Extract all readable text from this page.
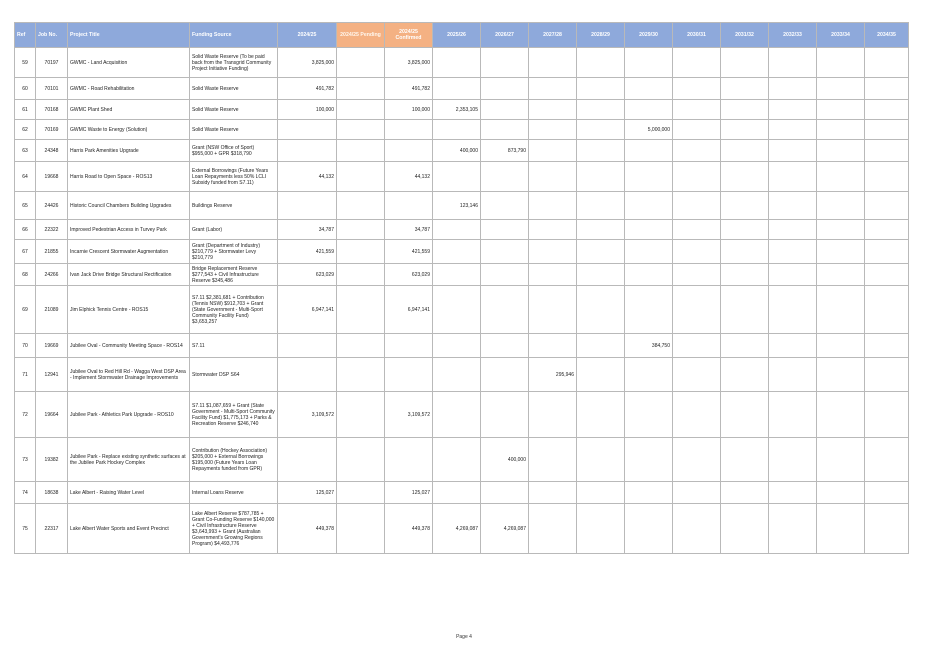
Ref	Job No.	Project Title	Funding Source	2024/25	2024/25 Pending	2024/25 Confirmed	2025/26	2026/27	2027/28	2028/29	2029/30	2030/31	2031/32	2032/33	2033/34	2034/35
59	70197	GWMC - Land Acquisition	Solid Waste Reserve (To be paid back from the Transgrid Community Project Initiative Funding)	3,825,000		3,825,000										
60	70101	GWMC - Road Rehabilitation	Solid Waste Reserve	491,782		491,782										
61	70168	GWMC Plant Shed	Solid Waste Reserve	100,000		100,000	2,353,105									
62	70169	GWMC Waste to Energy (Solution)	Solid Waste Reserve								5,000,000					
63	24348	Harris Park Amenities Upgrade	Grant (NSW Office of Sport) $955,000 + GPR $318,790				400,000	873,790								
64	19668	Harris Road to Open Space - ROS13	External Borrowings (Future Years Loan Repayments less 50% LCLI Subsidy funded from S7.11)	44,132		44,132										
65	24426	Historic Council Chambers Building Upgrades	Buildings Reserve				123,146									
66	22322	Improved Pedestrian Access in Turvey Park	Grant (Labor)	34,787		34,787										
67	21855	Incarnie Crescent Stormwater Augmentation	Grant (Department of Industry) $210,779 + Stormwater Levy $210,779	421,559		421,559										
68	24266	Ivan Jack Drive Bridge Structural Rectification	Bridge Replacement Reserve $277,543 + Civil Infrastructure Reserve $345,486	623,029		623,029										
69	21089	Jim Elphick Tennis Centre - ROS15	S7.11 $2,381,681 + Contribution (Tennis NSW) $912,703 + Grant (State Government - Multi-Sport Community Facility Fund) $3,653,257	6,947,141		6,947,141										
70	19669	Jubilee Oval - Community Meeting Space - ROS14	S7.11								384,750					
71	12941	Jubilee Oval to Red Hill Rd - Wagga West DSP Area - Implement Stormwater Drainage Improvements	Stormwater DSP S64						295,946							
72	19664	Jubilee Park - Athletics Park Upgrade - ROS10	S7.11 $1,087,659 + Grant (State Government - Multi-Sport Community Facility Fund) $1,775,173 + Parks & Recreation Reserve $246,740	3,109,572		3,109,572										
73	19382	Jubilee Park - Replace existing synthetic surfaces at the Jubilee Park Hockey Complex	Contribution (Hockey Association) $205,000 + External Borrowings $195,000 (Future Years Loan Repayments funded from GPR)					400,000								
74	18638	Lake Albert - Raising Water Level	Internal Loans Reserve	125,027		125,027										
75	22317	Lake Albert Water Sports and Event Precinct	Lake Albert Reserve $787,785 + Grant Co-Funding Reserve $140,000 + Civil Infrastructure Reserve $3,643,993 + Grant (Australian Government's Growing Regions Program) $4,493,776	449,378		449,378	4,269,087	4,269,087								
Page 4
